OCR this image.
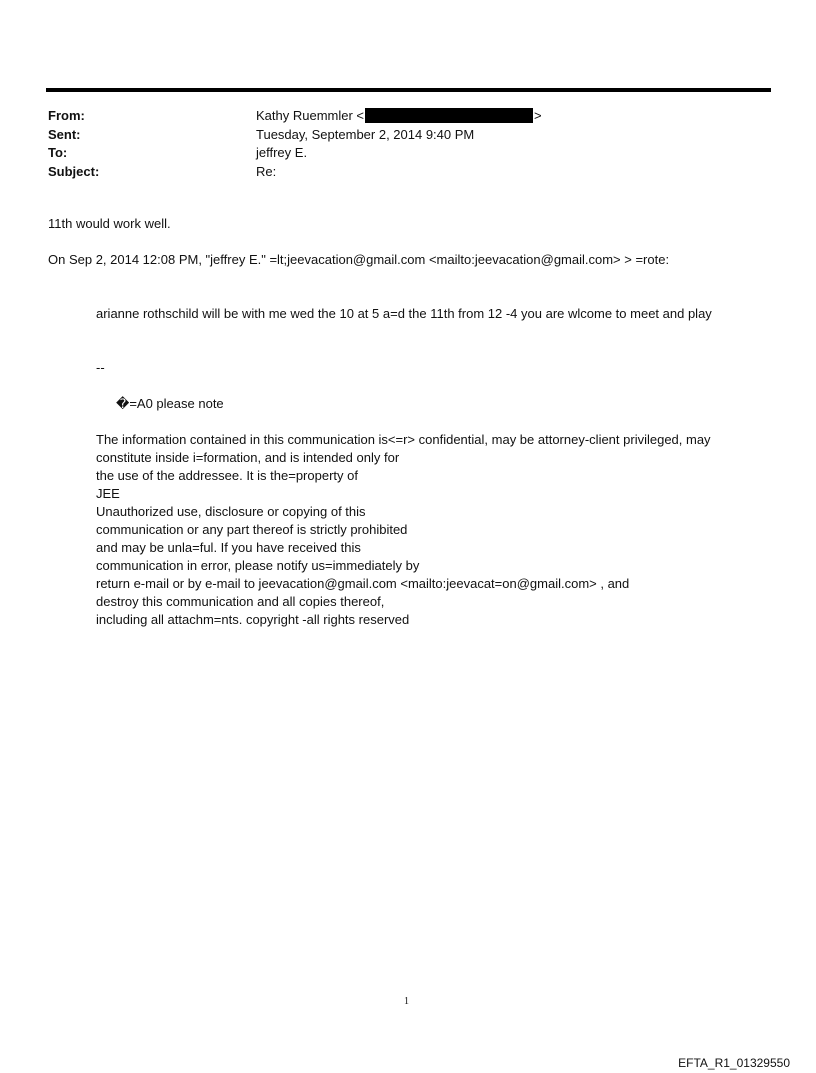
From:	Kathy Ruemmler <	>
Sent:	Tuesday, September 2, 2014 9:40 PM
To:	jeffrey E.
Subject:	Re:
11th would work well.
On Sep 2, 2014 12:08 PM, "jeffrey E." =lt;jeevacation@gmail.com <mailto:jeevacation@gmail.com> > =rote:
arianne rothschild will be with me wed the 10 at 5 a=d the 11th from 12 -4 you are wlcome to meet and play
--
�=A0 please note
The information contained in this communication is<=r> confidential, may be attorney-client privileged, may
constitute inside i=formation, and is intended only for
the use of the addressee. It is the=property of
JEE
Unauthorized use, disclosure or copying of this
communication or any part thereof is strictly prohibited
and may be unla=ful. If you have received this
communication in error, please notify us=immediately by
return e-mail or by e-mail to jeevacation@gmail.com <mailto:jeevacat=on@gmail.com> , and
destroy this communication and all copies thereof,
including all attachm=nts. copyright -all rights reserved
1
EFTA_R1_01329550
